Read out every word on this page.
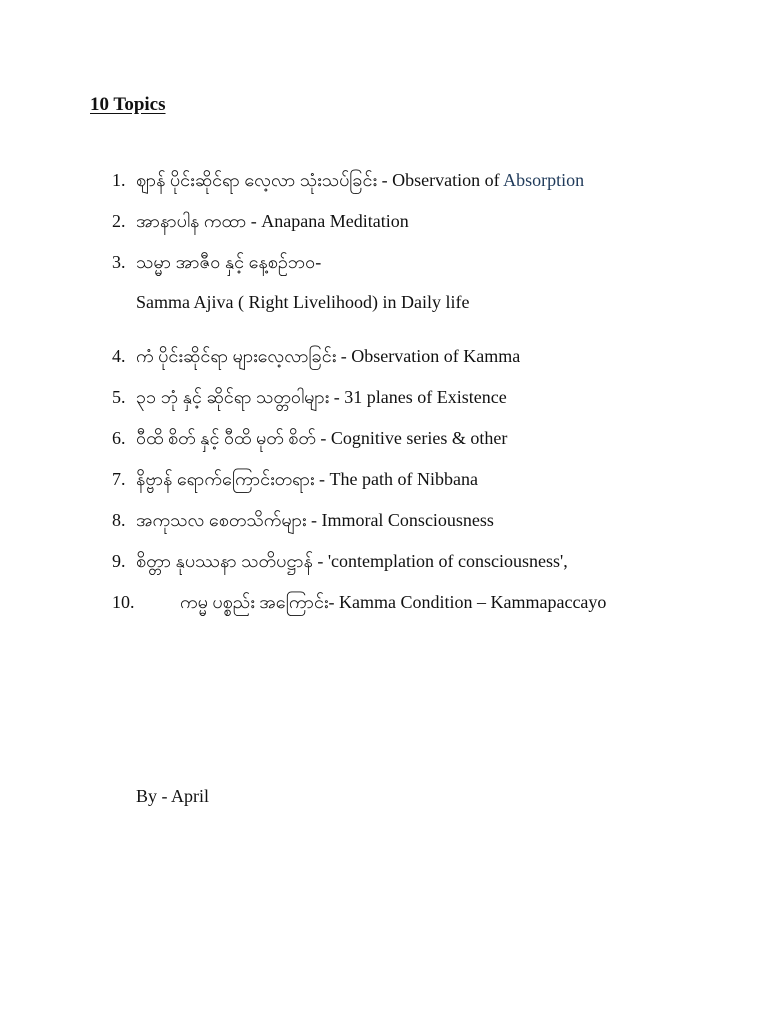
10 Topics
1. ဈာန် ပိုင်းဆိုင်ရာ လေ့လာ သုံးသပ်ခြင်း - Observation of Absorption
2. အာနာပါန ကထာ - Anapana Meditation
3. သမ္မာ အာဇီဝ နှင့် နေ့စဉ်ဘဝ-
Samma Ajiva ( Right Livelihood) in Daily life
4. ကံ ပိုင်းဆိုင်ရာ များလေ့လာခြင်း - Observation of Kamma
5. ၃၁ ဘုံ နှင့် ဆိုင်ရာ သတ္တဝါများ - 31 planes of Existence
6. ဝီထိ စိတ် နှင့် ဝီထိ မုတ် စိတ် - Cognitive series & other
7. နိဗ္ဗာန် ရောက်ကြောင်းတရား - The path of Nibbana
8. အကုသလ စေတသိက်များ - Immoral Consciousness
9. စိတ္တာ နုပဿနာ သတိပဋ္ဌာန် - 'contemplation of consciousness',
10.	ကမ္မ ပစ္စည်း အကြောင်း- Kamma Condition – Kammapaccayo
By - April
